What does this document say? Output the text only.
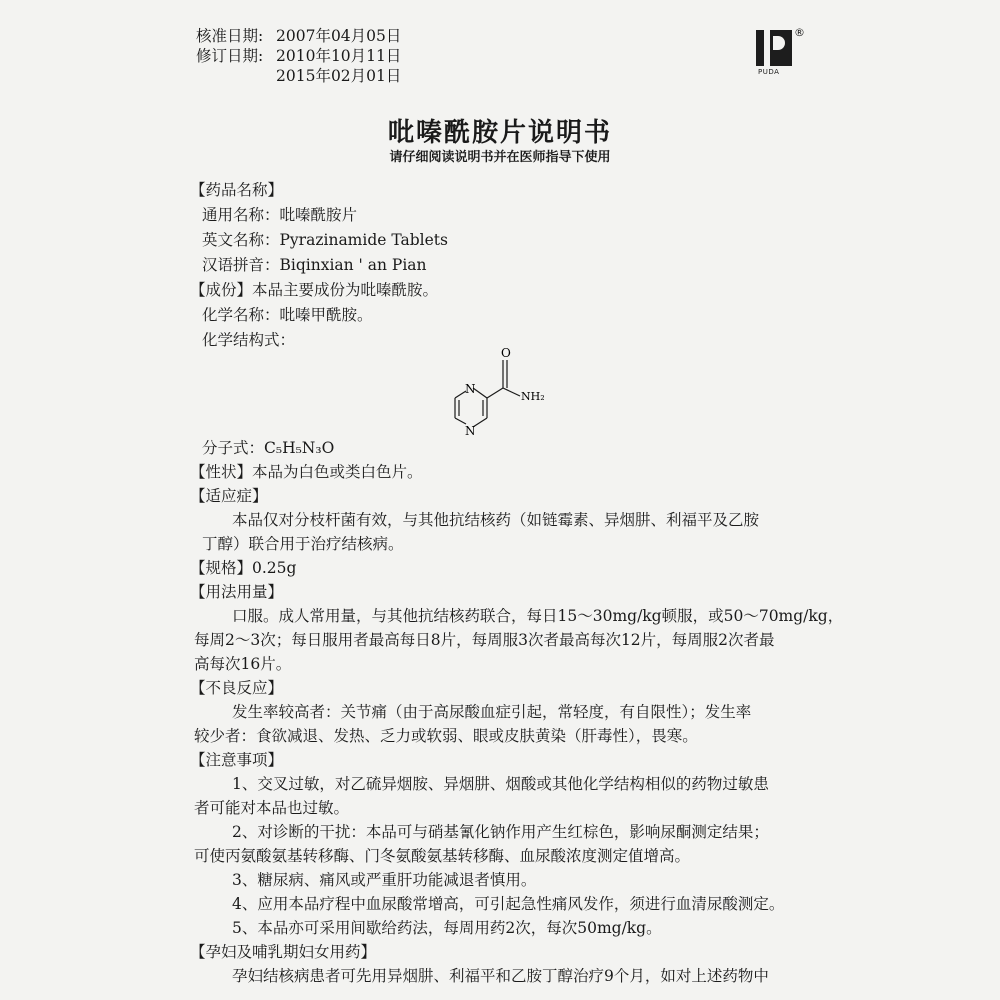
核准日期: 2007年04月05日
修订日期: 2010年10月11日
2015年02月01日
®
PUDA
吡嗪酰胺片说明书
请仔细阅读说明书并在医师指导下使用
【药品名称】
通用名称：吡嗪酰胺片
英文名称：Pyrazinamide Tablets
汉语拼音：Biqinxian ' an Pian
【成份】本品主要成份为吡嗪酰胺。
化学名称：吡嗪甲酰胺。
化学结构式：
O
NH₂
N
N
分子式：C₅H₅N₃O
【性状】本品为白色或类白色片。
【适应症】
本品仅对分枝杆菌有效，与其他抗结核药（如链霉素、异烟肼、利福平及乙胺
丁醇）联合用于治疗结核病。
【规格】0.25g
【用法用量】
口服。成人常用量，与其他抗结核药联合，每日15～30mg/kg顿服，或50～70mg/kg，
每周2～3次；每日服用者最高每日8片，每周服3次者最高每次12片，每周服2次者最
高每次16片。
【不良反应】
发生率较高者：关节痛（由于高尿酸血症引起，常轻度，有自限性）；发生率
较少者：食欲减退、发热、乏力或软弱、眼或皮肤黄染（肝毒性），畏寒。
【注意事项】
1、交叉过敏，对乙硫异烟胺、异烟肼、烟酸或其他化学结构相似的药物过敏患
者可能对本品也过敏。
2、对诊断的干扰：本品可与硝基氰化钠作用产生红棕色，影响尿酮测定结果；
可使丙氨酸氨基转移酶、门冬氨酸氨基转移酶、血尿酸浓度测定值增高。
3、糖尿病、痛风或严重肝功能减退者慎用。
4、应用本品疗程中血尿酸常增高，可引起急性痛风发作，须进行血清尿酸测定。
5、本品亦可采用间歇给药法，每周用药2次，每次50mg/kg。
【孕妇及哺乳期妇女用药】
孕妇结核病患者可先用异烟肼、利福平和乙胺丁醇治疗9个月，如对上述药物中
